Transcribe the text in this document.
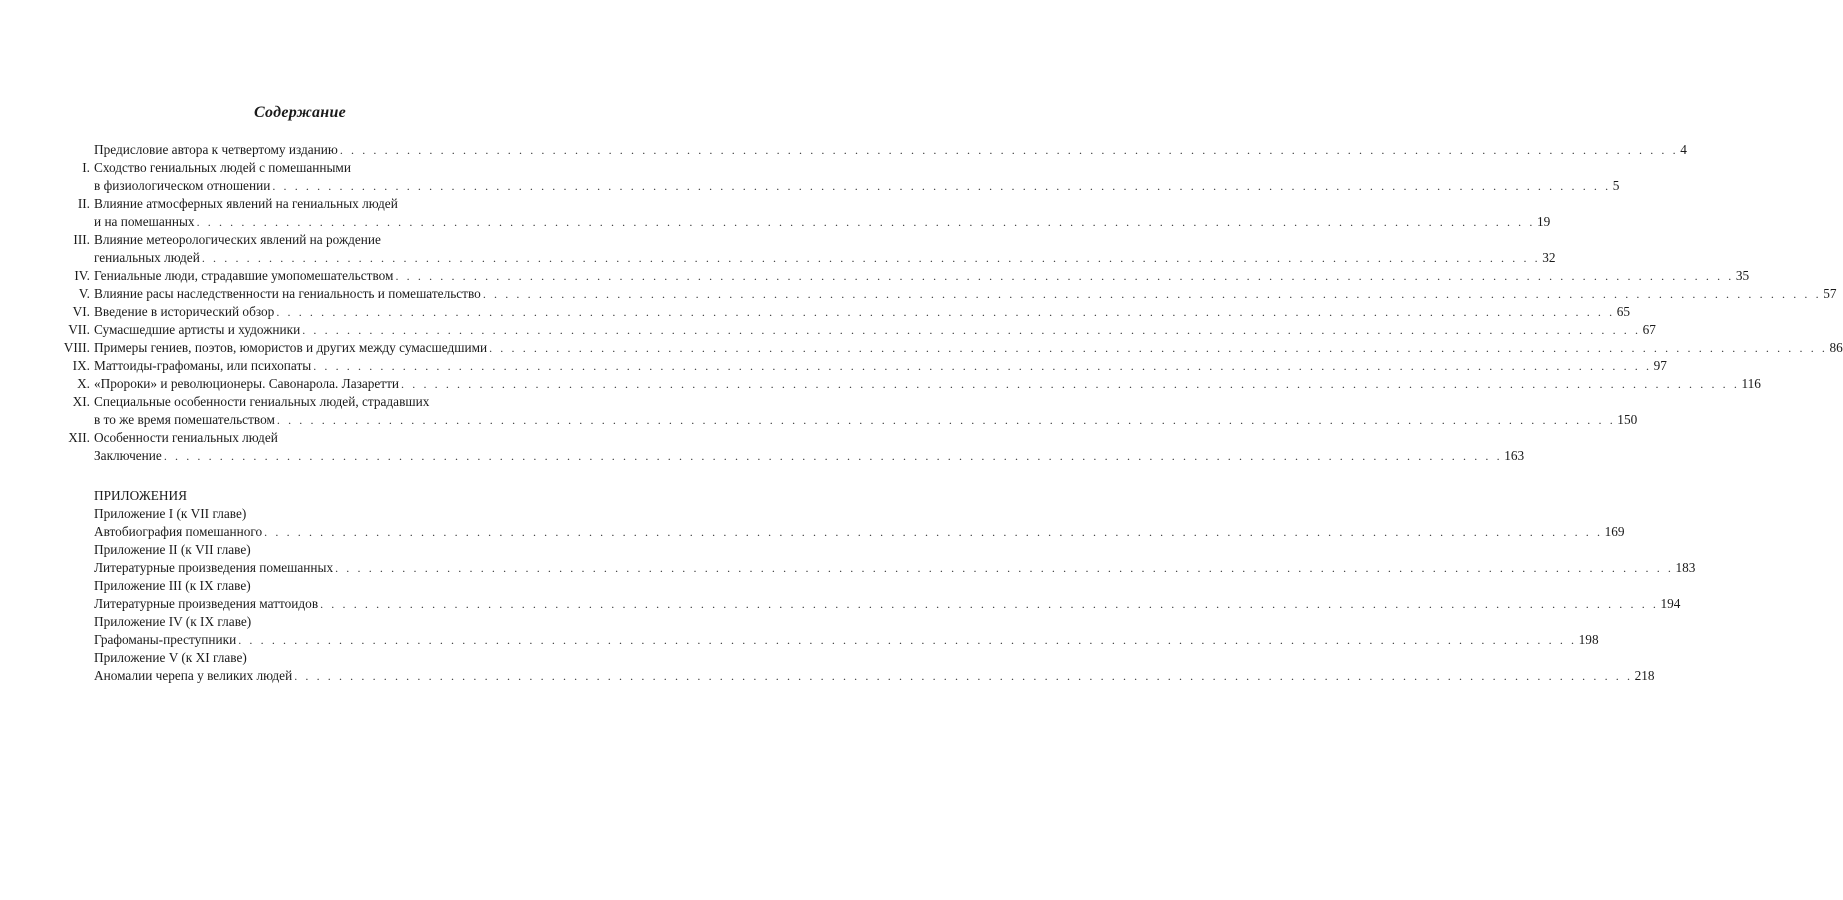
Содержание
Предисловие автора к четвертому изданию . . . . . . . . . . . . . . . . . . . . . . . . . . . . . . . . . . . . . . . . . . . . . . . . . . . . . . . . . . . . . . . . . . . . . . . . . . . . . . . . . . . . . . . . . . . . . . . . . . . . . . . . . . . . . . . . . . . . . . . . 4
I. Сходство гениальных людей с помешанными
в физиологическом отношении . . . . . . . . . . . . . . . . . . . . . . . . . . . . . . . . . . . . . . . . . . . . . . . . . . . . . . . . . . . . . . . . . . . . . . . . . . . . . . . . . . . . . . . . . . . . . . . . . . . . . . . . . . . . . . . . . . . . . . . . 5
II. Влияние атмосферных явлений на гениальных людей
и на помешанных . . . . . . . . . . . . . . . . . . . . . . . . . . . . . . . . . . . . . . . . . . . . . . . . . . . . . . . . . . . . . . . . . . . . . . . . . . . . . . . . . . . . . . . . . . . . . . . . . . . . . . . . . . . . . . . . . . . . . . . . 19
III. Влияние метеорологических явлений на рождение
гениальных людей . . . . . . . . . . . . . . . . . . . . . . . . . . . . . . . . . . . . . . . . . . . . . . . . . . . . . . . . . . . . . . . . . . . . . . . . . . . . . . . . . . . . . . . . . . . . . . . . . . . . . . . . . . . . . . . . . . . . . . . . 32
IV. Гениальные люди, страдавшие умопомешательством . . . . . . . . . . . . . . . . . . . . . . . . . . . . . . . . . . . . . . . . . . . . . . . . . . . . . . . . . . . . . . . . . . . . . . . . . . . . . . . . . . . . . . . . . . . . . . . . . . . . . . . . . . . . . . . . . . . . . . . . 35
V. Влияние расы наследственности на гениальность и помешательство . . . . . . . . . . . . . . . . . . . . . . . . . . . . . . . . . . . . . . . . . . . . . . . . . . . . . . . . . . . . . . . . . . . . . . . . . . . . . . . . . . . . . . . . . . . . . . . . . . . . . . . . . . . . . . . . . . . . . . . . 57
VI. Введение в исторический обзор . . . . . . . . . . . . . . . . . . . . . . . . . . . . . . . . . . . . . . . . . . . . . . . . . . . . . . . . . . . . . . . . . . . . . . . . . . . . . . . . . . . . . . . . . . . . . . . . . . . . . . . . . . . . . . . . . . . . . . . . 65
VII. Сумасшедшие артисты и художники . . . . . . . . . . . . . . . . . . . . . . . . . . . . . . . . . . . . . . . . . . . . . . . . . . . . . . . . . . . . . . . . . . . . . . . . . . . . . . . . . . . . . . . . . . . . . . . . . . . . . . . . . . . . . . . . . . . . . . . . 67
VIII. Примеры гениев, поэтов, юмористов и других между сумасшедшими . . . . . . . . . . . . . . . . . . . . . . . . . . . . . . . . . . . . . . . . . . . . . . . . . . . . . . . . . . . . . . . . . . . . . . . . . . . . . . . . . . . . . . . . . . . . . . . . . . . . . . . . . . . . . . . . . . . . . . . . 86
IX. Маттоиды-графоманы, или психопаты . . . . . . . . . . . . . . . . . . . . . . . . . . . . . . . . . . . . . . . . . . . . . . . . . . . . . . . . . . . . . . . . . . . . . . . . . . . . . . . . . . . . . . . . . . . . . . . . . . . . . . . . . . . . . . . . . . . . . . . . 97
X. «Пророки» и революционеры. Савонарола. Лазаретти . . . . . . . . . . . . . . . . . . . . . . . . . . . . . . . . . . . . . . . . . . . . . . . . . . . . . . . . . . . . . . . . . . . . . . . . . . . . . . . . . . . . . . . . . . . . . . . . . . . . . . . . . . . . . . . . . . . . . . . . 116
XI. Специальные особенности гениальных людей, страдавших
в то же время помешательством . . . . . . . . . . . . . . . . . . . . . . . . . . . . . . . . . . . . . . . . . . . . . . . . . . . . . . . . . . . . . . . . . . . . . . . . . . . . . . . . . . . . . . . . . . . . . . . . . . . . . . . . . . . . . . . . . . . . . . . . 150
XII. Особенности гениальных людей
Заключение . . . . . . . . . . . . . . . . . . . . . . . . . . . . . . . . . . . . . . . . . . . . . . . . . . . . . . . . . . . . . . . . . . . . . . . . . . . . . . . . . . . . . . . . . . . . . . . . . . . . . . . . . . . . . . . . . . . . . . . . 163
ПРИЛОЖЕНИЯ
Приложение I (к VII главе)
Автобиография помешанного . . . . . . . . . . . . . . . . . . . . . . . . . . . . . . . . . . . . . . . . . . . . . . . . . . . . . . . . . . . . . . . . . . . . . . . . . . . . . . . . . . . . . . . . . . . . . . . . . . . . . . . . . . . . . . . . . . . . . . . . 169
Приложение II (к VII главе)
Литературные произведения помешанных . . . . . . . . . . . . . . . . . . . . . . . . . . . . . . . . . . . . . . . . . . . . . . . . . . . . . . . . . . . . . . . . . . . . . . . . . . . . . . . . . . . . . . . . . . . . . . . . . . . . . . . . . . . . . . . . . . . . . . . . 183
Приложение III (к IX главе)
Литературные произведения маттоидов . . . . . . . . . . . . . . . . . . . . . . . . . . . . . . . . . . . . . . . . . . . . . . . . . . . . . . . . . . . . . . . . . . . . . . . . . . . . . . . . . . . . . . . . . . . . . . . . . . . . . . . . . . . . . . . . . . . . . . . . 194
Приложение IV (к IX главе)
Графоманы-преступники . . . . . . . . . . . . . . . . . . . . . . . . . . . . . . . . . . . . . . . . . . . . . . . . . . . . . . . . . . . . . . . . . . . . . . . . . . . . . . . . . . . . . . . . . . . . . . . . . . . . . . . . . . . . . . . . . . . . . . . . 198
Приложение V (к XI главе)
Аномалии черепа у великих людей . . . . . . . . . . . . . . . . . . . . . . . . . . . . . . . . . . . . . . . . . . . . . . . . . . . . . . . . . . . . . . . . . . . . . . . . . . . . . . . . . . . . . . . . . . . . . . . . . . . . . . . . . . . . . . . . . . . . . . . . 218
